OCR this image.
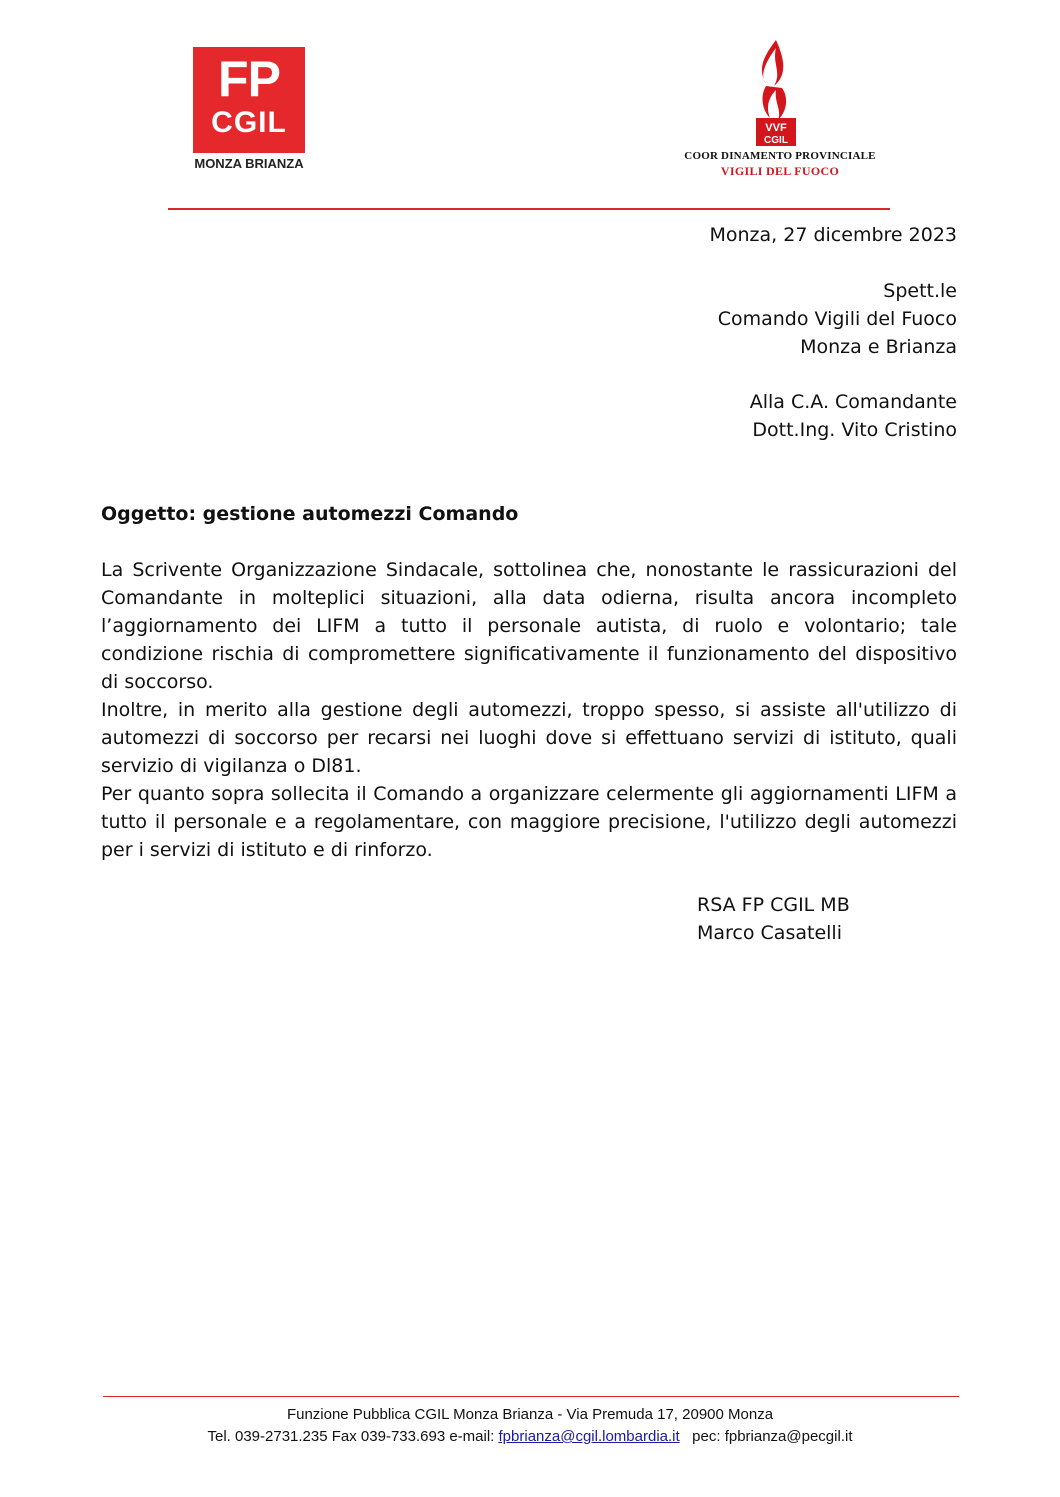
FP
CGIL
MONZA BRIANZA
VVF
CGIL
COOR DINAMENTO PROVINCIALE
VIGILI DEL FUOCO
Monza, 27 dicembre 2023
Spett.le
Comando Vigili del Fuoco
Monza e Brianza
Alla C.A. Comandante
Dott.Ing. Vito Cristino
Oggetto: gestione automezzi Comando
La Scrivente Organizzazione Sindacale, sottolinea che, nonostante le rassicurazioni del Comandante in molteplici situazioni, alla data odierna, risulta ancora incompleto l’aggiornamento dei LIFM a tutto il personale autista, di ruolo e volontario; tale condizione rischia di compromettere significativamente il funzionamento del dispositivo di soccorso.
Inoltre, in merito alla gestione degli automezzi, troppo spesso, si assiste all'utilizzo di automezzi di soccorso per recarsi nei luoghi dove si effettuano servizi di istituto, quali servizio di vigilanza o Dl81.
Per quanto sopra sollecita il Comando a organizzare celermente gli aggiornamenti LIFM a tutto il personale e a regolamentare, con maggiore precisione, l'utilizzo degli automezzi per i servizi di istituto e di rinforzo.
RSA FP CGIL MB
Marco Casatelli
Funzione Pubblica CGIL Monza Brianza - Via Premuda 17, 20900 Monza
Tel. 039-2731.235 Fax 039-733.693 e-mail: fpbrianza@cgil.lombardia.it   pec: fpbrianza@pecgil.it
